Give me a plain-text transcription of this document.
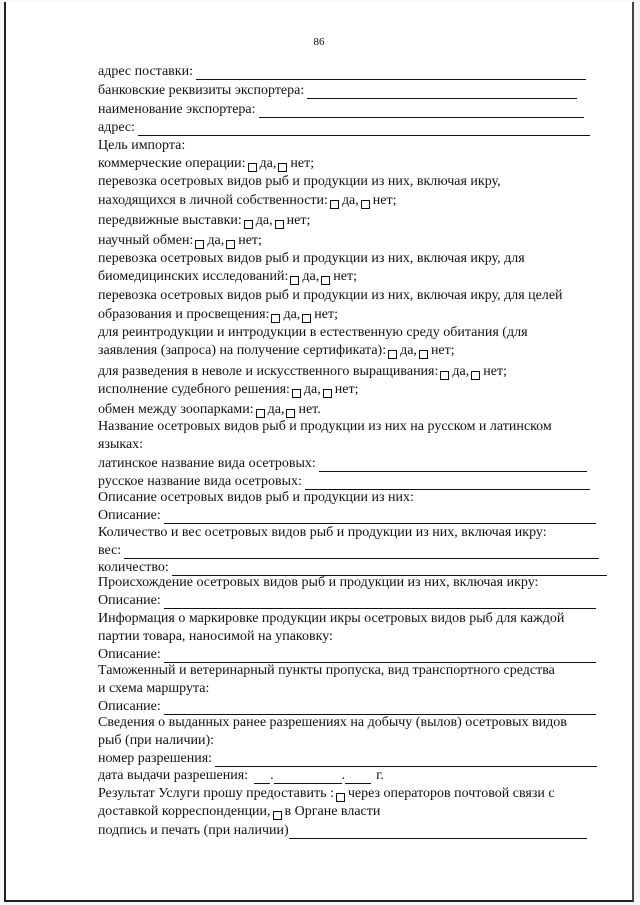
86
адрес поставки:
банковские реквизиты экспортера:
наименование экспортера:
адрес:
Цель импорта:
коммерческие операции: да, нет;
перевозка осетровых видов рыб и продукции из них, включая икру,
находящихся в личной собственности: да, нет;
передвижные выставки: да, нет;
научный обмен: да, нет;
перевозка осетровых видов рыб и продукции из них, включая икру, для
биомедицинских исследований: да, нет;
перевозка осетровых видов рыб и продукции из них, включая икру, для целей
образования и просвещения: да, нет;
для реинтродукции и интродукции в естественную среду обитания (для
заявления (запроса) на получение сертификата): да, нет;
для разведения в неволе и искусственного выращивания: да, нет;
исполнение судебного решения: да, нет;
обмен между зоопарками: да, нет.
Название осетровых видов рыб и продукции из них на русском и латинском
языках:
латинское название вида осетровых:
русское название вида осетровых:
Описание осетровых видов рыб и продукции из них:
Описание:
Количество и вес осетровых видов рыб и продукции из них, включая икру:
вес:
количество:
Происхождение осетровых видов рыб и продукции из них, включая икру:
Описание:
Информация о маркировке продукции икры осетровых видов рыб для каждой
партии товара, наносимой на упаковку:
Описание:
Таможенный и ветеринарный пункты пропуска, вид транспортного средства
и схема маршрута:
Описание:
Сведения о выданных ранее разрешениях на добычу (вылов) осетровых видов
рыб (при наличии):
номер разрешения:
дата выдачи разрешения: .	. г.
Результат Услуги прошу предоставить : через операторов почтовой связи с
доставкой корреспонденции, в Органе власти
подпись и печать (при наличии)
